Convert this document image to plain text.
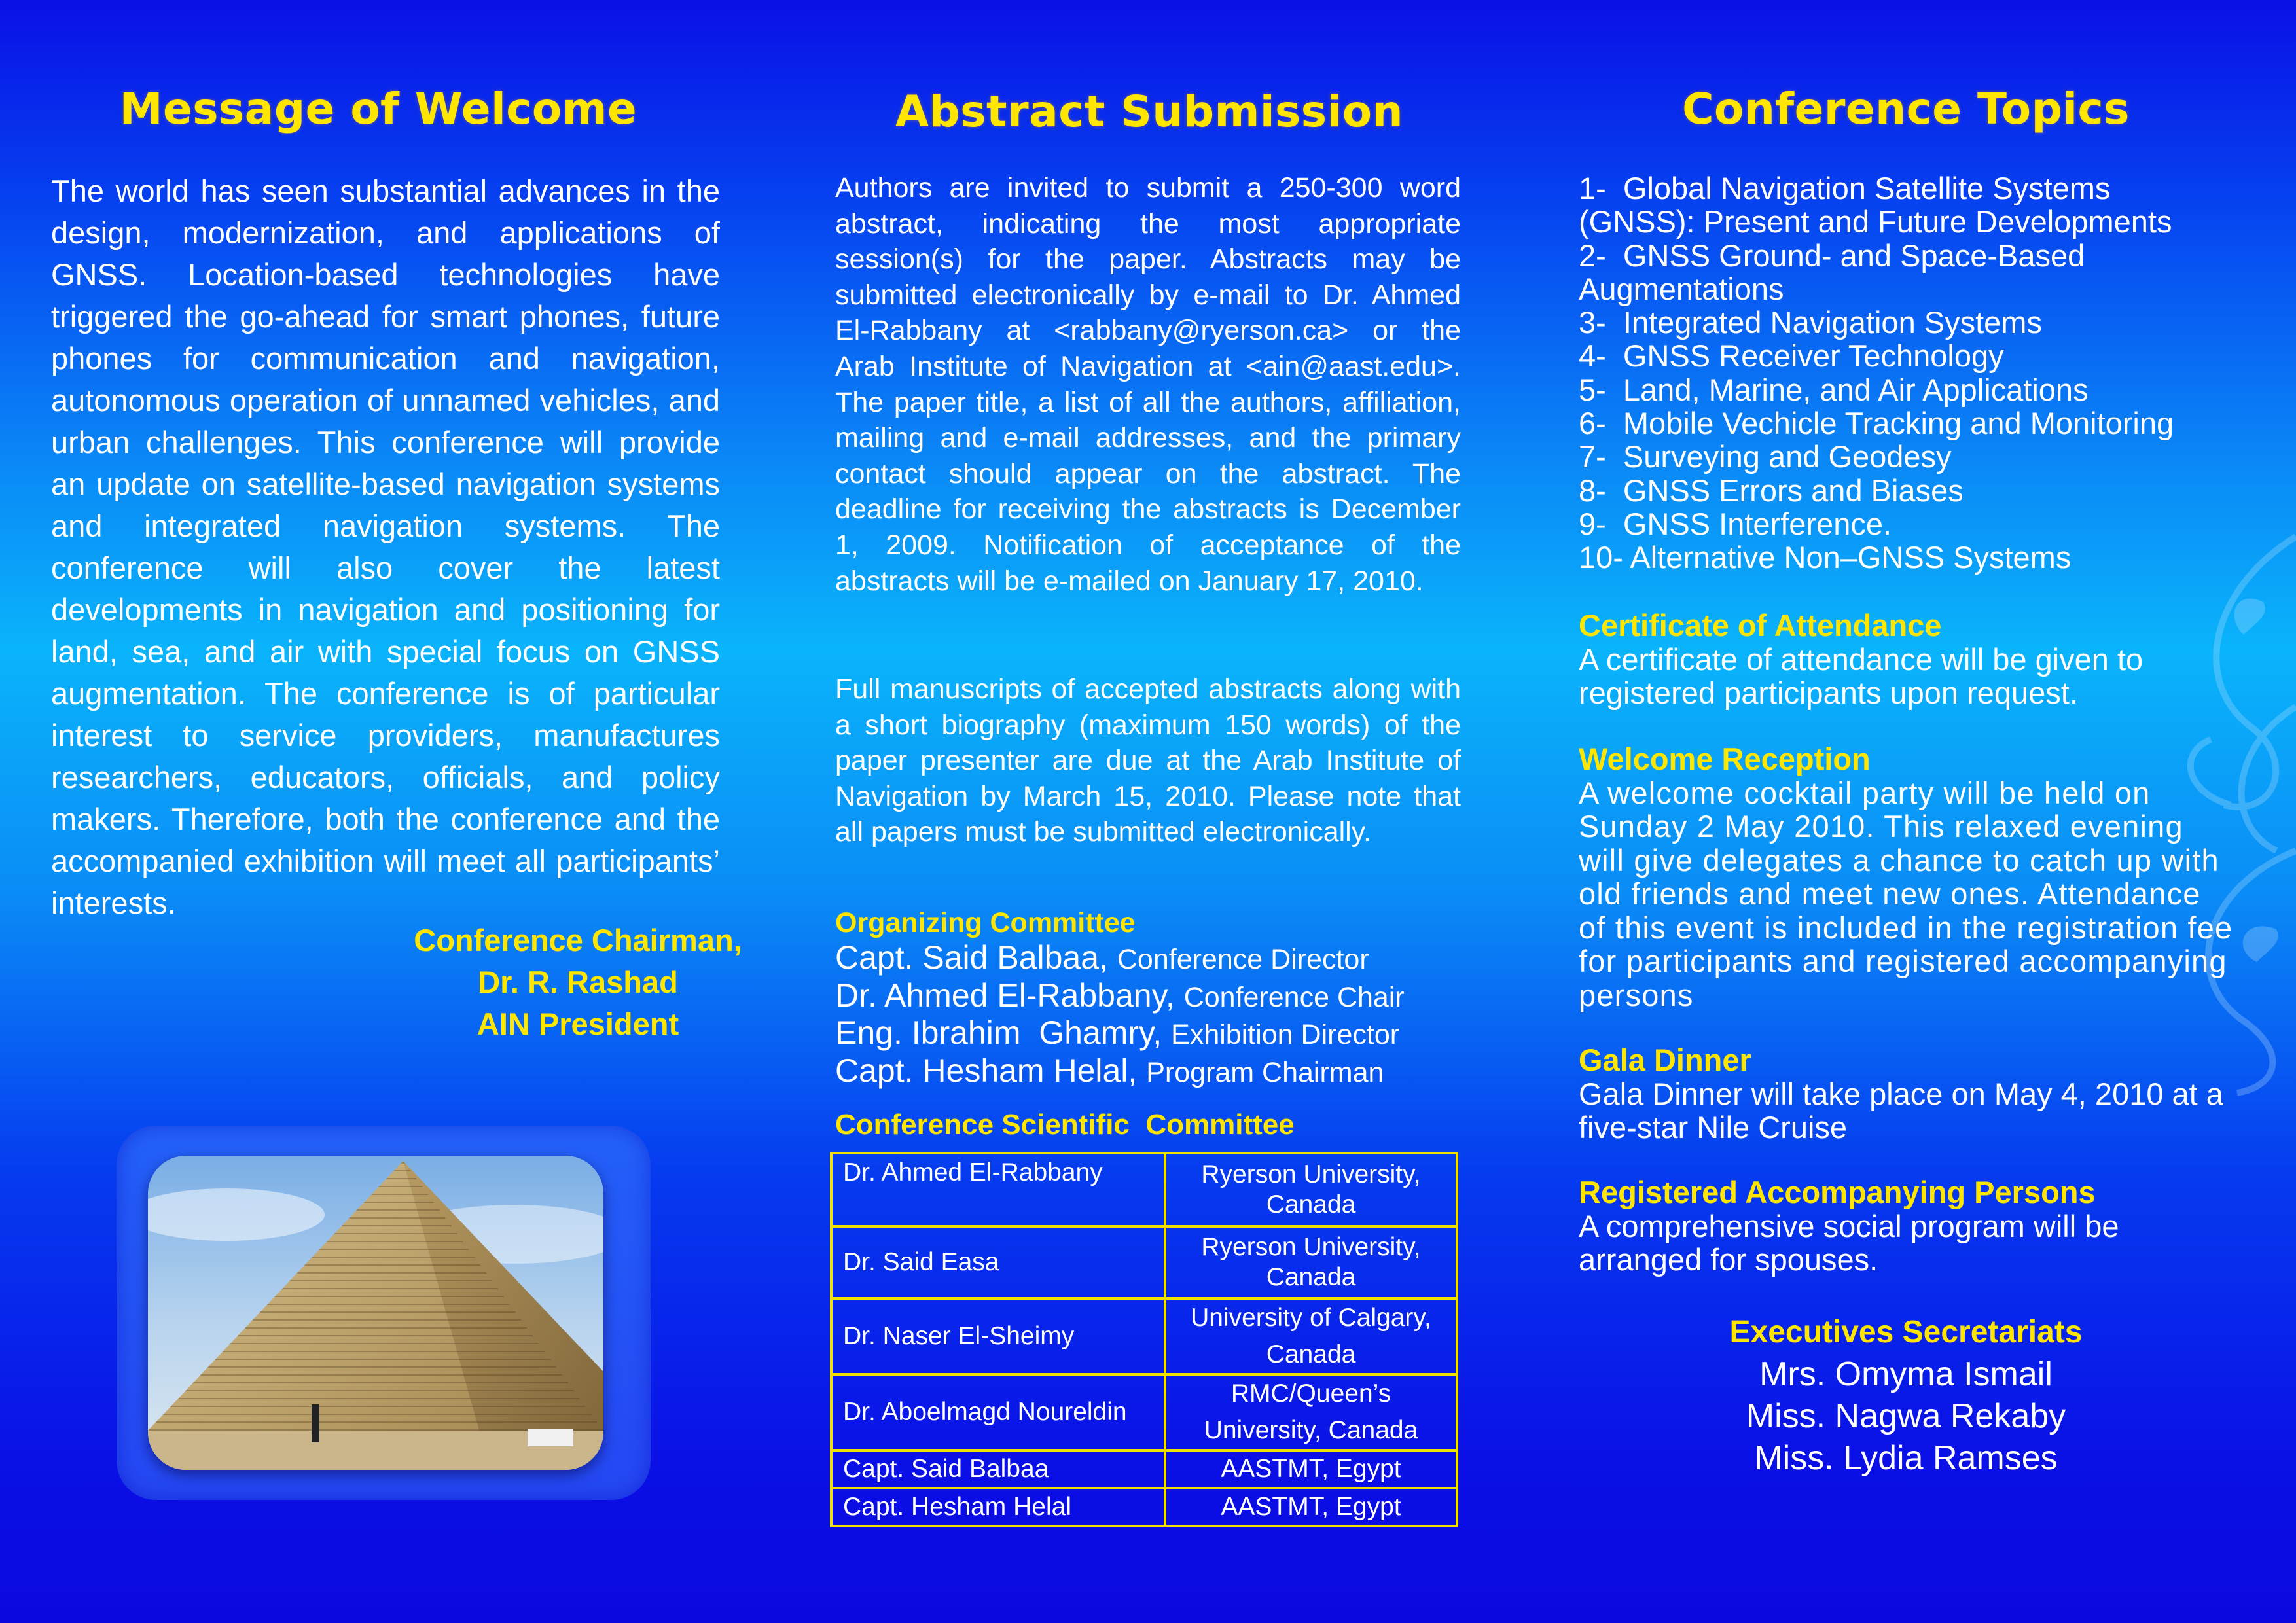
Message of Welcome
The world has seen substantial advances in the design, modernization, and applications of GNSS. Location-based technologies have triggered the go-ahead for smart phones, future phones for communication and navigation, autonomous operation of unnamed vehicles, and urban challenges. This conference will provide an update on satellite-based navigation systems and integrated navigation systems. The conference will also cover the latest developments in navigation and positioning for land, sea, and air with special focus on GNSS augmentation. The conference is of particular interest to service providers, manufactures researchers, educators, officials, and policy makers. Therefore, both the conference and the accompanied exhibition will meet all participants’ interests.
Conference Chairman,
Dr. R. Rashad
AIN President
Abstract Submission
Authors are invited to submit a 250-300 word abstract, indicating the most appropriate session(s) for the paper. Abstracts may be submitted electronically by e-mail to Dr. Ahmed El-Rabbany at <rabbany@ryerson.ca> or the Arab Institute of Navigation at <ain@aast.edu>. The paper title, a list of all the authors, affiliation, mailing and e-mail addresses, and the primary contact should appear on the abstract. The deadline for receiving the abstracts is December 1, 2009. Notification of acceptance of the abstracts will be e-mailed on January 17, 2010.
Full manuscripts of accepted abstracts along with a short biography (maximum 150 words) of the paper presenter are due at the Arab Institute of Navigation by March 15, 2010. Please note that all papers must be submitted electronically.
Organizing Committee
Capt. Said Balbaa, Conference Director
Dr. Ahmed El-Rabbany, Conference Chair
Eng. Ibrahim  Ghamry, Exhibition Director
Capt. Hesham Helal, Program Chairman
Conference Scientific  Committee
Dr. Ahmed El-Rabbany	Ryerson University, Canada
Dr. Said Easa	Ryerson University, Canada
Dr. Naser El-Sheimy	University of Calgary, Canada
Dr. Aboelmagd Noureldin	RMC/Queen’s University, Canada
Capt. Said Balbaa	AASTMT, Egypt
Capt. Hesham Helal	AASTMT, Egypt
Conference Topics
1-  Global Navigation Satellite Systems (GNSS): Present and Future Developments
2-  GNSS Ground- and Space-Based Augmentations
3-  Integrated Navigation Systems
4-  GNSS Receiver Technology
5-  Land, Marine, and Air Applications
6-  Mobile Vechicle Tracking and Monitoring
7-  Surveying and Geodesy
8-  GNSS Errors and Biases
9-  GNSS Interference.
10- Alternative Non–GNSS Systems
Certificate of Attendance
A certificate of attendance will be given to registered participants upon request.
Welcome Reception
A welcome cocktail party will be held on Sunday 2 May 2010. This relaxed evening will give delegates a chance to catch up with old friends and meet new ones. Attendance of this event is included in the registration fee for participants and registered accompanying persons
Gala Dinner
Gala Dinner will take place on May 4, 2010 at a five-star Nile Cruise
Registered Accompanying Persons
A comprehensive social program will be arranged for spouses.
Executives Secretariats
Mrs. Omyma Ismail
Miss. Nagwa Rekaby
Miss. Lydia Ramses
